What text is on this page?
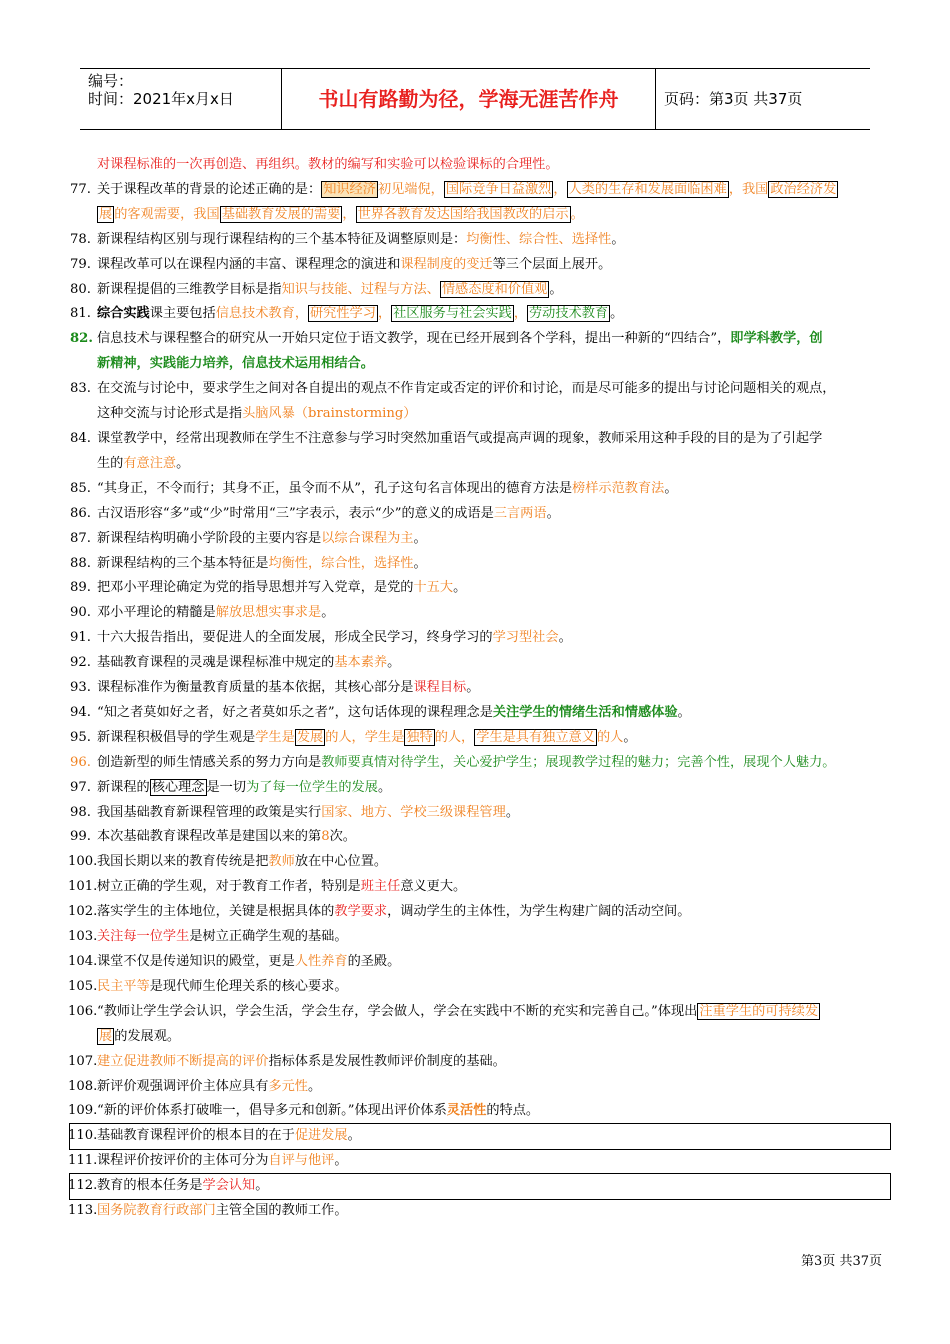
编号：
时间：2021年x月x日	书山有路勤为径，学海无涯苦作舟	页码：第3页 共37页
对课程标准的一次再创造、再组织。教材的编写和实验可以检验课标的合理性。
77. 关于课程改革的背景的论述正确的是： 知识经济 初见端倪， 国际竞争日益激烈 ， 人类的生存和发展面临困难 ，我国 政治经济发
展 的客观需要，我国 基础教育发展的需要 ， 世界各教育发达国给我国教改的启示 。
78. 新课程结构区别与现行课程结构的三个基本特征及调整原则是：均衡性、综合性、选择性。
79. 课程改革可以在课程内涵的丰富、课程理念的演进和课程制度的变迁等三个层面上展开。
80. 新课程提倡的三维教学目标是指知识与技能、过程与方法、 情感态度和价值观 。
81. 综合实践课主要包括信息技术教育， 研究性学习 ， 社区服务与社会实践 ， 劳动技术教育 。
82. 信息技术与课程整合的研究从一开始只定位于语文教学，现在已经开展到各个学科，提出一种新的“四结合”，即学科教学，创
新精神，实践能力培养，信息技术运用相结合。
83. 在交流与讨论中，要求学生之间对各自提出的观点不作肯定或否定的评价和讨论，而是尽可能多的提出与讨论问题相关的观点，
这种交流与讨论形式是指头脑风暴（brainstorming）
84. 课堂教学中，经常出现教师在学生不注意参与学习时突然加重语气或提高声调的现象，教师采用这种手段的目的是为了引起学
生的有意注意。
85. “其身正，不令而行；其身不正，虽令而不从”，孔子这句名言体现出的德育方法是榜样示范教育法。
86. 古汉语形容“多”或“少”时常用“三”字表示，表示“少”的意义的成语是三言两语。
87. 新课程结构明确小学阶段的主要内容是以综合课程为主。
88. 新课程结构的三个基本特征是均衡性，综合性，选择性。
89. 把邓小平理论确定为党的指导思想并写入党章，是党的十五大。
90. 邓小平理论的精髓是解放思想实事求是。
91. 十六大报告指出，要促进人的全面发展，形成全民学习，终身学习的学习型社会。
92. 基础教育课程的灵魂是课程标准中规定的基本素养。
93. 课程标准作为衡量教育质量的基本依据，其核心部分是课程目标。
94. “知之者莫如好之者，好之者莫如乐之者”，这句话体现的课程理念是关注学生的情绪生活和情感体验。
95. 新课程积极倡导的学生观是学生是 发展 的人，学生是 独特 的人， 学生是具有独立意义 的人。
96. 创造新型的师生情感关系的努力方向是教师要真情对待学生，关心爱护学生；展现教学过程的魅力；完善个性，展现个人魅力。
97. 新课程的 核心理念 是一切为了每一位学生的发展。
98. 我国基础教育新课程管理的政策是实行国家、地方、学校三级课程管理。
99. 本次基础教育课程改革是建国以来的第8次。
100. 我国长期以来的教育传统是把教师放在中心位置。
101. 树立正确的学生观，对于教育工作者，特别是班主任意义更大。
102. 落实学生的主体地位，关键是根据具体的教学要求，调动学生的主体性，为学生构建广阔的活动空间。
103. 关注每一位学生是树立正确学生观的基础。
104. 课堂不仅是传递知识的殿堂，更是人性养育的圣殿。
105. 民主平等是现代师生伦理关系的核心要求。
106. “教师让学生学会认识，学会生活，学会生存，学会做人，学会在实践中不断的充实和完善自己。”体现出 注重学生的可持续发
展 的发展观。
107. 建立促进教师不断提高的评价指标体系是发展性教师评价制度的基础。
108. 新评价观强调评价主体应具有多元性。
109. “新的评价体系打破唯一，倡导多元和创新。”体现出评价体系灵活性的特点。
110. 基础教育课程评价的根本目的在于促进发展。
111. 课程评价按评价的主体可分为自评与他评。
112. 教育的根本任务是学会认知。
113. 国务院教育行政部门主管全国的教师工作。
第3页 共37页
